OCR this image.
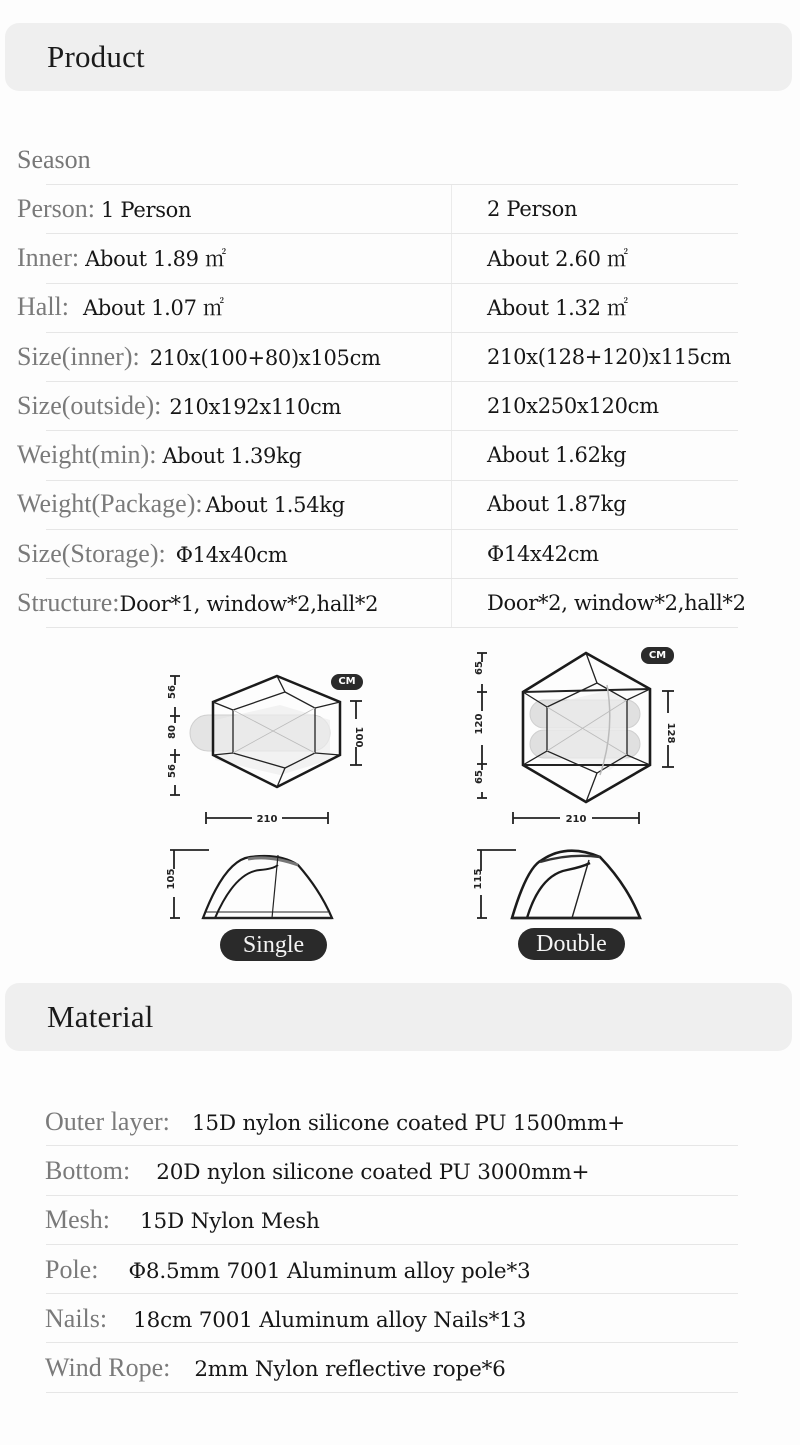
Product
Season
Person: 1 Person	2 Person
Inner: About 1.89 ㎡	About 2.60 ㎡
Hall: About 1.07 ㎡	About 1.32 ㎡
Size(inner): 210x(100+80)x105cm	210x(128+120)x115cm
Size(outside): 210x192x110cm	210x250x120cm
Weight(min): About 1.39kg	About 1.62kg
Weight(Package): About 1.54kg	About 1.87kg
Size(Storage): Φ14x40cm	Φ14x42cm
Structure:Door*1, window*2,hall*2	Door*2, window*2,hall*2
56
80
56
100
210
CM
65
120
65
128
210
CM
105	115
Single	Double
Material
Outer layer: 15D nylon silicone coated PU 1500mm+
Bottom: 20D nylon silicone coated PU 3000mm+
Mesh: 15D Nylon Mesh
Pole: Φ8.5mm 7001 Aluminum alloy pole*3
Nails: 18cm 7001 Aluminum alloy Nails*13
Wind Rope: 2mm Nylon reflective rope*6
